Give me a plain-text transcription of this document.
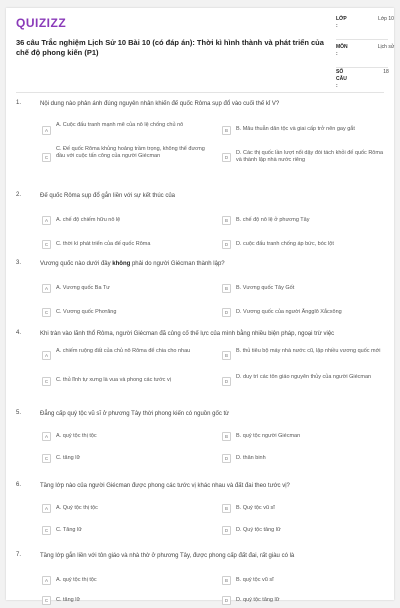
QUIZIZZ
36 câu Trắc nghiệm Lịch Sử 10 Bài 10 (có đáp án): Thời kì hình thành và phát triển của chế độ phong kiến (P1)
LỚP :
Lớp 10
MÔN :
Lịch sử
SỐ CÂU :
18
1.	Nội dung nào phản ánh đúng nguyên nhân khiến đế quốc Rôma sụp đổ vào cuối thế kỉ V?
A
A. Cuộc đấu tranh mạnh mẽ của nô lệ chống chủ nô
B	B. Mâu thuẫn dân tộc và giai cấp trở nên gay gắt
C
C. Đế quốc Rôma khủng hoảng trầm trọng, không thể đương đầu với cuộc tấn công của người Giécman	D
D. Các thị quốc lần lượt nổi dậy đòi tách khỏi đế quốc Rôma và thành lập nhà nước riêng
2.	Đế quốc Rôma sụp đổ gắn liền với sự kết thúc của
A	A. chế độ chiếm hữu nô lệ	B	B. chế độ nô lệ ở phương Tây
C	C. thời kì phát triển của đế quốc Rôma	D	D. cuộc đấu tranh chống áp bức, bóc lột
3.	Vương quốc nào dưới đây không phải do người Giécman thành lập?
A	A. Vương quốc Ba Tư	B	B. Vương quốc Tây Gốt
C	C. Vương quốc Phơrăng	D	D. Vương quốc của người Ăngglô Xắcxông
4.	Khi tràn vào lãnh thổ Rôma, người Giécman đã củng cố thế lực của mình bằng nhiều biện pháp, ngoại trừ việc
A
A. chiếm ruộng đất của chủ nô Rôma để chia cho nhau
B
B. thủ tiêu bộ máy nhà nước cũ, lập nhiều vương quốc mới
C	C. thủ lĩnh tự xưng là vua và phong các tước vị	D
D. duy trì các tôn giáo nguyên thủy của người Giécman
5.	Đẳng cấp quý tộc vũ sĩ ở phương Tây thời phong kiến có nguồn gốc từ
A	A. quý tộc thị tộc	B	B. quý tộc người Giécman
C	C. tăng lữ	D	D. thân binh
6.	Tầng lớp nào của người Giécman được phong các tước vị khác nhau và đất đai theo tước vị?
A	A. Quý tộc thị tộc	B	B. Quý tộc vũ sĩ
C	C. Tăng lữ	D	D. Quý tộc tăng lữ
7.	Tầng lớp gắn liền với tôn giáo và nhà thờ ở phương Tây, được phong cấp đất đai, rất giàu có là
A	A. quý tộc thị tộc	B	B. quý tộc vũ sĩ
C	C. tăng lữ	D	D. quý tộc tăng lữ
